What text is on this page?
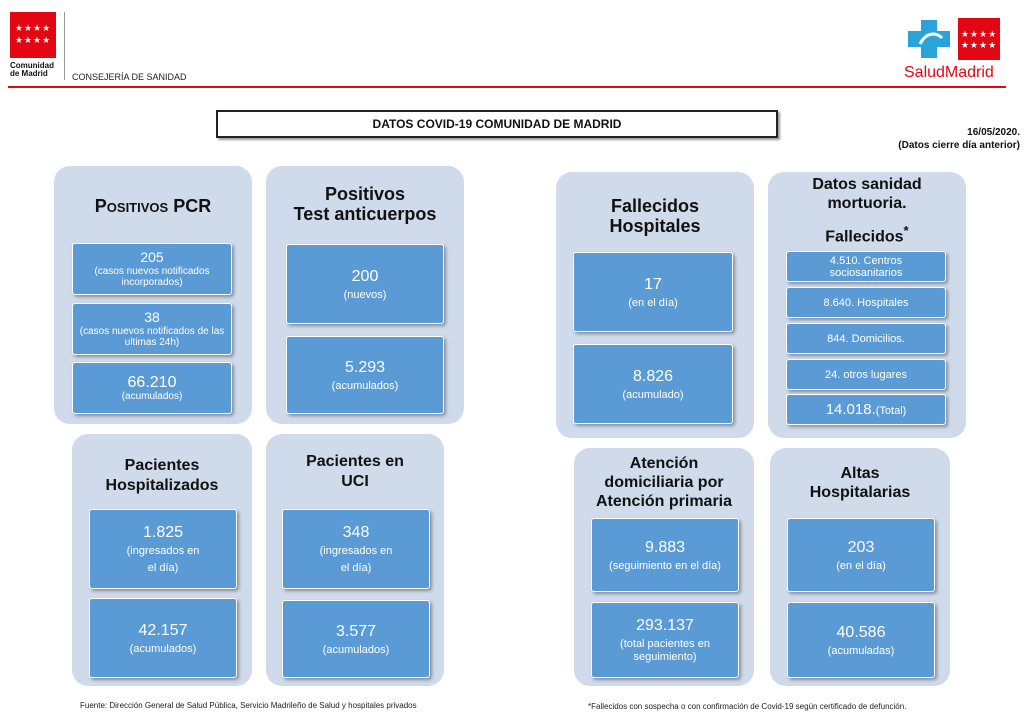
★★★★
★★★★
Comunidad
de Madrid	CONSEJERÍA DE SANIDAD
★★★★
★★★★
SaludMadrid
DATOS COVID-19 COMUNIDAD DE MADRID
16/05/2020.
(Datos cierre día anterior)
Positivos PCR
205
(casos nuevos notificados incorporados)
38
(casos nuevos notificados de las ultimas 24h)
66.210
(acumulados)
Positivos
Test anticuerpos
200
(nuevos)
5.293
(acumulados)
Pacientes
Hospitalizados
1.825
(ingresados en
el día)
42.157
(acumulados)
Pacientes en
UCI
348
(ingresados en
el día)
3.577
(acumulados)
Fallecidos
Hospitales
17
(en el día)
8.826
(acumulado)
Datos sanidad
mortuoria.
Fallecidos*
4.510. Centros sociosanitarios
8.640. Hospitales
844. Domicilios.
24. otros lugares
14.018.(Total)
Atención
domiciliaria por
Atención primaria
9.883
(seguimiento en el día)
293.137
(total pacientes en
seguimiento)
Altas
Hospitalarias
203
(en el día)
40.586
(acumuladas)
Fuente: Dirección General de Salud Pública, Servicio Madrileño de Salud y hospitales privados	*Fallecidos con sospecha o con confirmación de Covid-19 según certificado de defunción.
